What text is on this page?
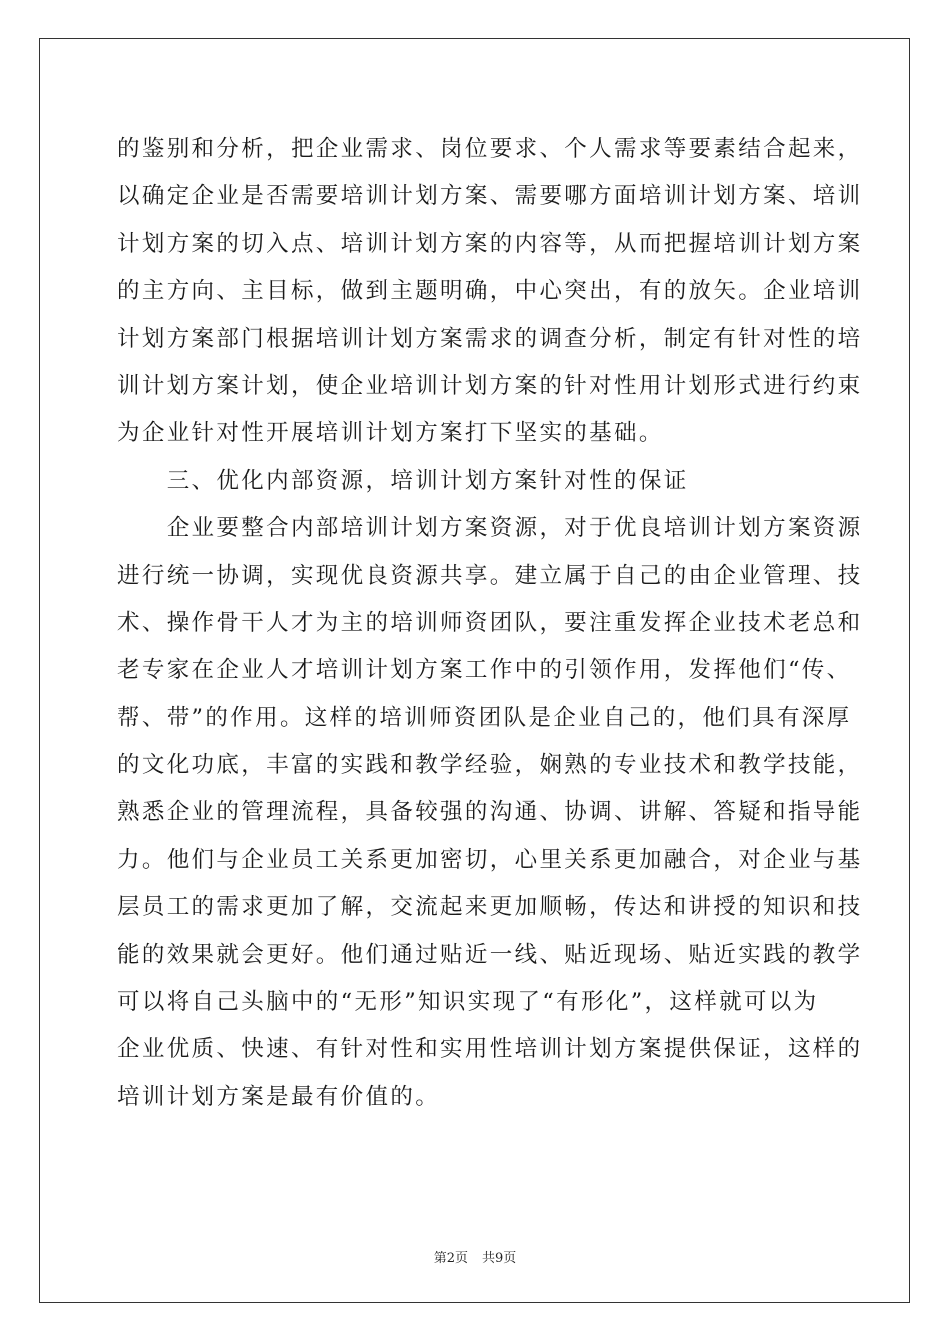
的鉴别和分析，把企业需求、岗位要求、个人需求等要素结合起来，
以确定企业是否需要培训计划方案、需要哪方面培训计划方案、培训
计划方案的切入点、培训计划方案的内容等，从而把握培训计划方案
的主方向、主目标，做到主题明确，中心突出，有的放矢。企业培训
计划方案部门根据培训计划方案需求的调查分析，制定有针对性的培
训计划方案计划，使企业培训计划方案的针对性用计划形式进行约束
为企业针对性开展培训计划方案打下坚实的基础。
　　三、优化内部资源，培训计划方案针对性的保证
　　企业要整合内部培训计划方案资源，对于优良培训计划方案资源
进行统一协调，实现优良资源共享。建立属于自己的由企业管理、技
术、操作骨干人才为主的培训师资团队，要注重发挥企业技术老总和
老专家在企业人才培训计划方案工作中的引领作用，发挥他们“传、
帮、带”的作用。这样的培训师资团队是企业自己的，他们具有深厚
的文化功底，丰富的实践和教学经验，娴熟的专业技术和教学技能，
熟悉企业的管理流程，具备较强的沟通、协调、讲解、答疑和指导能
力。他们与企业员工关系更加密切，心里关系更加融合，对企业与基
层员工的需求更加了解，交流起来更加顺畅，传达和讲授的知识和技
能的效果就会更好。他们通过贴近一线、贴近现场、贴近实践的教学
可以将自己头脑中的“无形”知识实现了“有形化”，这样就可以为
企业优质、快速、有针对性和实用性培训计划方案提供保证，这样的
培训计划方案是最有价值的。
第2页 共9页
